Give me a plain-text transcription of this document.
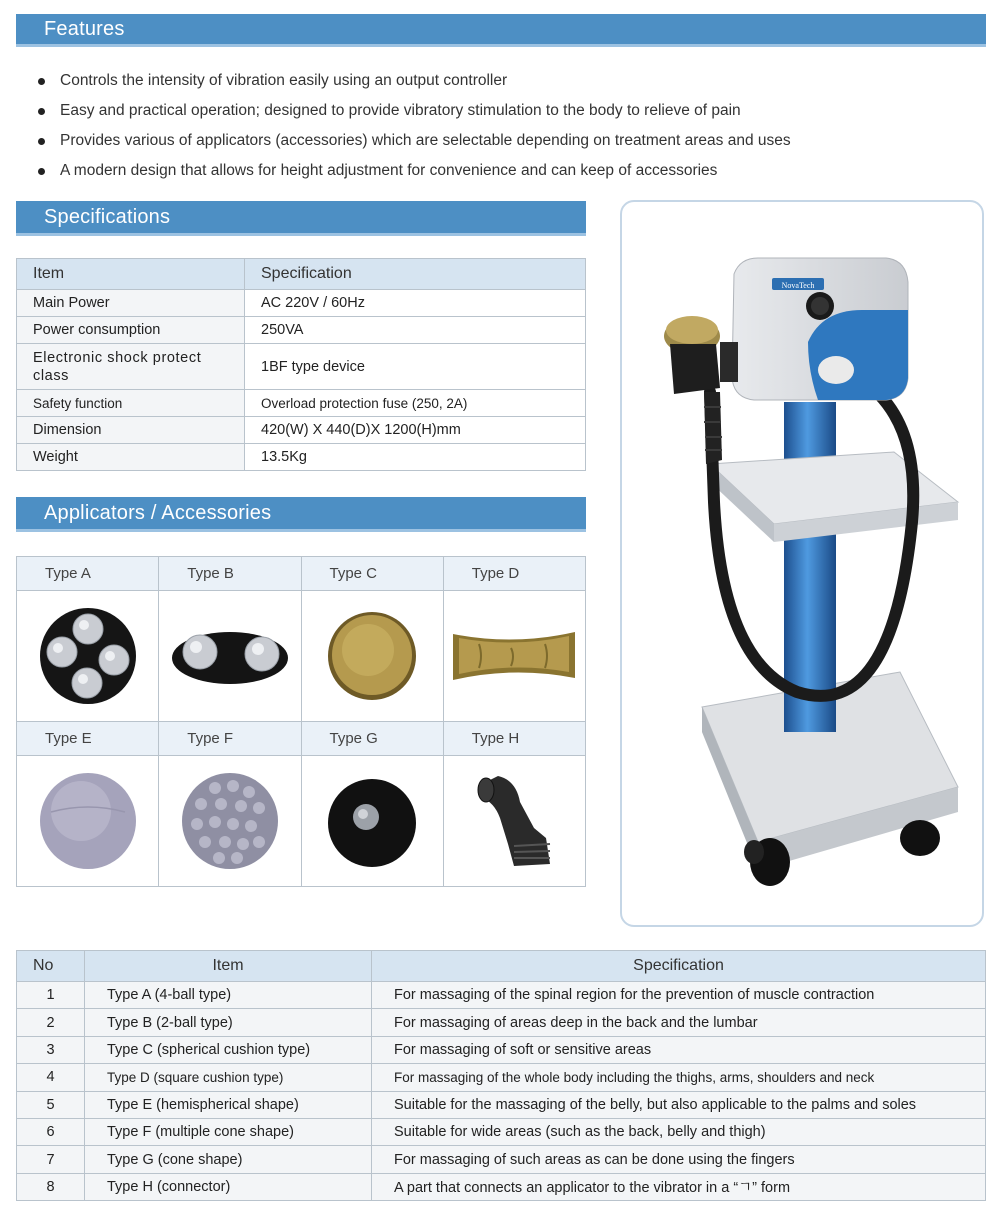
Features
Controls the intensity of vibration easily using an output controller
Easy and practical operation; designed to provide vibratory stimulation to the body to relieve of pain
Provides various of applicators (accessories) which are selectable depending on treatment areas and uses
A modern design that allows for height adjustment for convenience and can keep of accessories
Specifications
Item	Specification
Main Power	AC 220V / 60Hz
Power consumption	250VA
Electronic shock protect class	1BF type device
Safety function	Overload protection fuse (250, 2A)
Dimension	420(W) X 440(D)X 1200(H)mm
Weight	13.5Kg
Applicators / Accessories
Type A	Type B	Type C	Type D
Type E	Type F	Type G	Type H
NovaTech
No	Item	Specification
1	Type A (4-ball type)	For massaging of the spinal region for the prevention of muscle contraction
2	Type B (2-ball type)	For massaging of areas deep in the back and the lumbar
3	Type C (spherical cushion type)	For massaging of soft or sensitive areas
4	Type D (square cushion type)	For massaging of the whole body including the thighs, arms, shoulders and neck
5	Type E (hemispherical shape)	Suitable for the massaging of the belly, but also applicable to the palms and soles
6	Type F (multiple cone shape)	Suitable for wide areas (such as the back, belly and thigh)
7	Type G (cone shape)	For massaging of such areas as can be done using the fingers
8	Type H (connector)	A part that connects an applicator to the vibrator in a “ㄱ” form
